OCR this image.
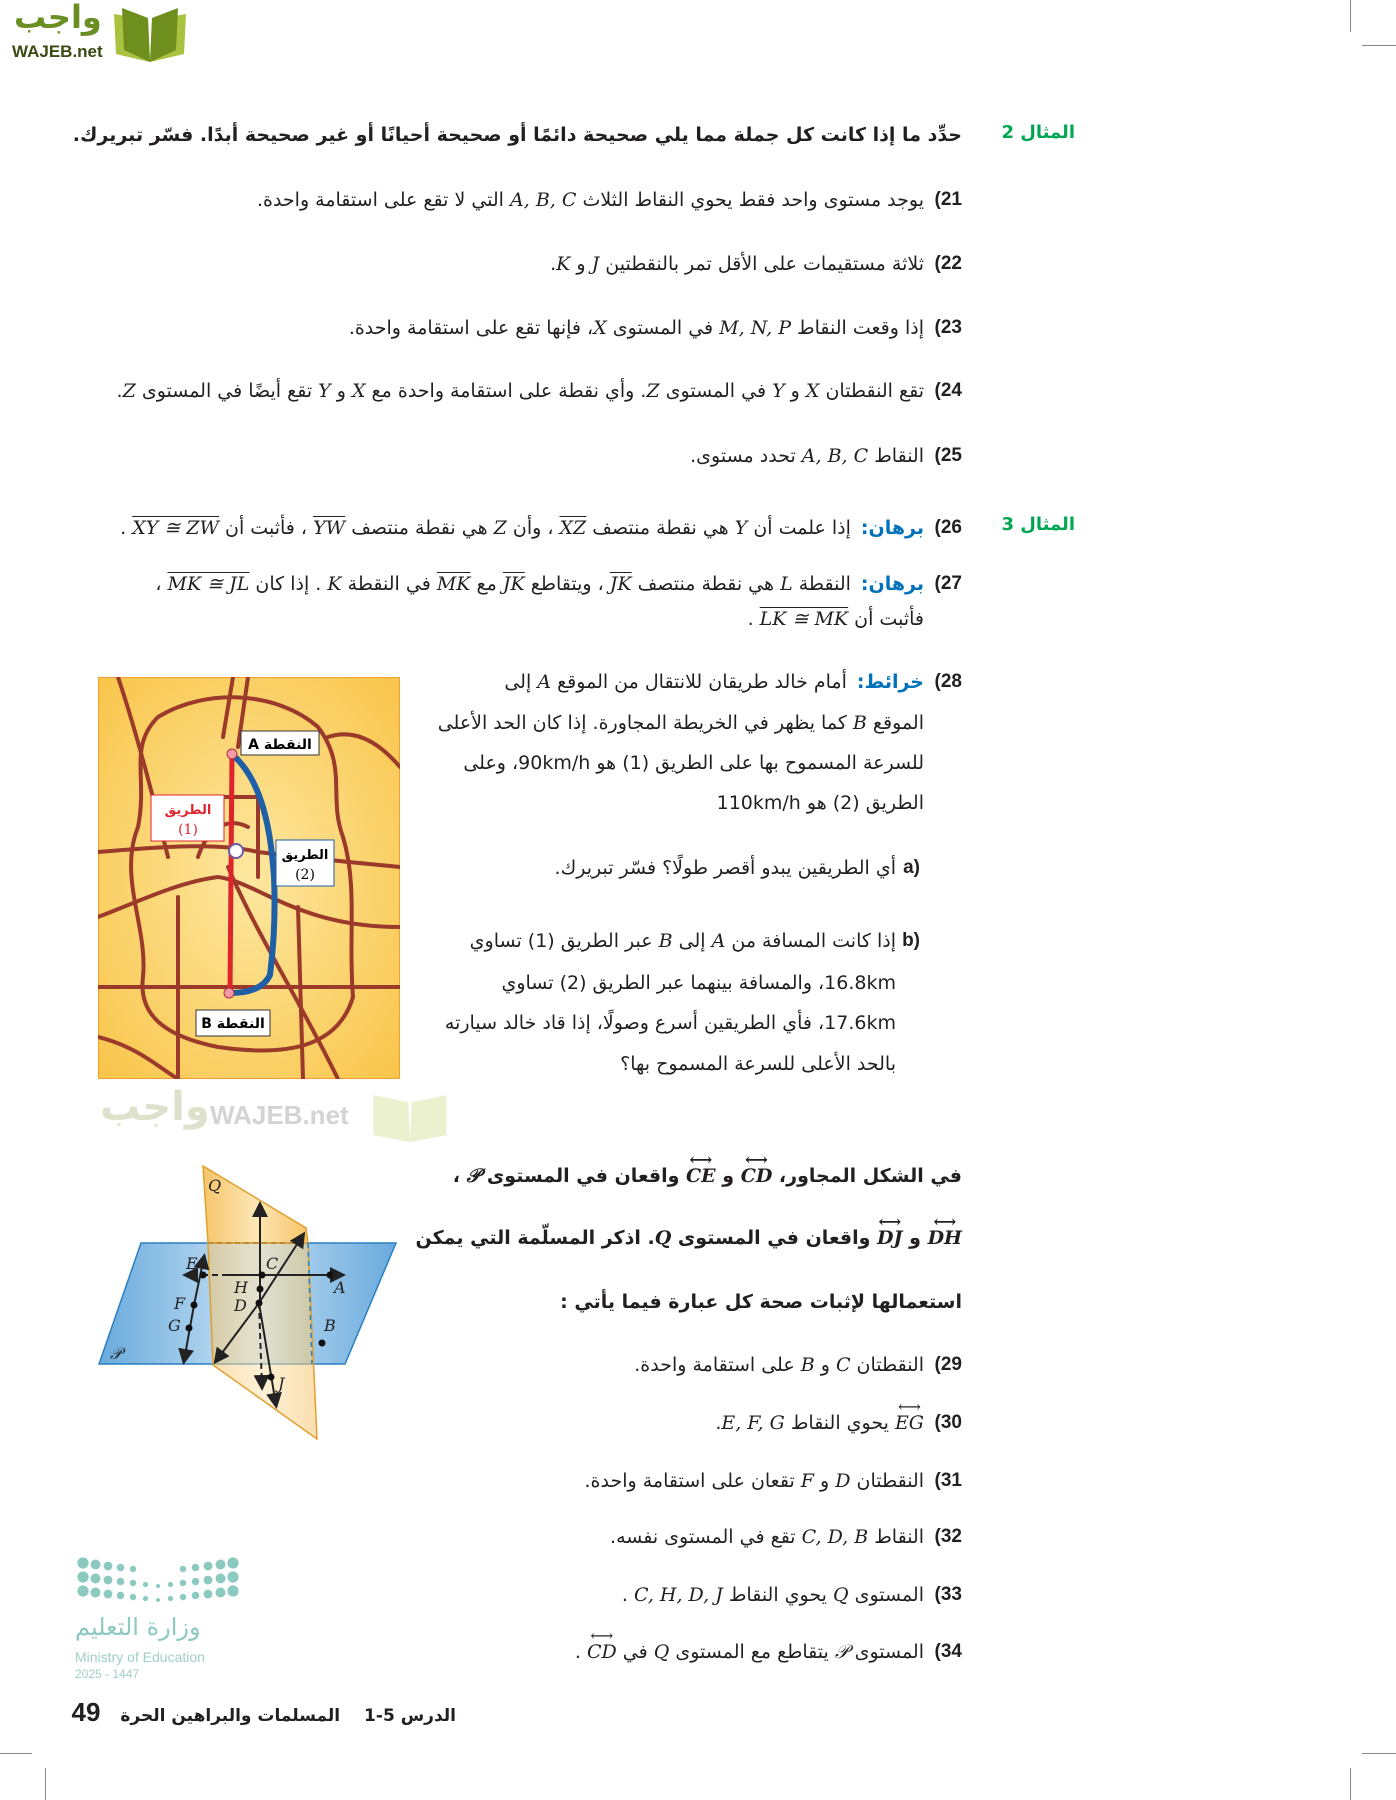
واجب
WAJEB.net
المثال 2
حدِّد ما إذا كانت كل جملة مما يلي صحيحة دائمًا أو صحيحة أحيانًا أو غير صحيحة أبدًا. فسّر تبريرك.
المثال 3
واجب WAJEB.net
النقطة A
الطريق
(1)
الطريق
(2)
النقطة B
Q
E	C
H
D
A
F
G	B
J
𝒫
وزارة التعليم
Ministry of Education
2025 - 1447
الدرس 5-1 المسلمات والبراهين الحرة 49
21)
يوجد مستوى واحد فقط يحوي النقاط الثلاث A, B, C التي لا تقع على استقامة واحدة.
22)
ثلاثة مستقيمات على الأقل تمر بالنقطتين J و K.
23)
إذا وقعت النقاط M, N, P في المستوى X، فإنها تقع على استقامة واحدة.
24)
تقع النقطتان X و Y في المستوى Z. وأي نقطة على استقامة واحدة مع X و Y تقع أيضًا في المستوى Z.
25)
النقاط A, B, C تحدد مستوى.
26)
برهان:إذا علمت أن Y هي نقطة منتصف $\overline{XZ}$ ، وأن Z هي نقطة منتصف $\overline{YW}$ ، فأثبت أن XY ≅ ZW .
27)
برهان:النقطة L هي نقطة منتصف $\overline{JK}$ ، ويتقاطع $\overline{JK}$ مع $\overline{MK}$ في النقطة K . إذا كان MK ≅ JL ،
فأثبت أن LK ≅ MK .
28)
خرائط:أمام خالد طريقان للانتقال من الموقع A إلى
الموقع B كما يظهر في الخريطة المجاورة. إذا كان الحد الأعلى
للسرعة المسموح بها على الطريق (1) هو 90km/h، وعلى
الطريق (2) هو 110km/h
a)
أي الطريقين يبدو أقصر طولًا؟ فسّر تبريرك.
b)
إذا كانت المسافة من A إلى B عبر الطريق (1) تساوي
16.8km، والمسافة بينهما عبر الطريق (2) تساوي
17.6km، فأي الطريقين أسرع وصولًا، إذا قاد خالد سيارته
بالحد الأعلى للسرعة المسموح بها؟
في الشكل المجاور، ⟷ CD و ⟷ CE واقعان في المستوى 𝒫 ،
⟷ DH و ⟷ DJ واقعان في المستوى Q. اذكر المسلّمة التي يمكن
استعمالها لإثبات صحة كل عبارة فيما يأتي :
29)
النقطتان C و B على استقامة واحدة.
30)
⟷ EG يحوي النقاط E, F, G.
31)
النقطتان D و F تقعان على استقامة واحدة.
32)
النقاط C, D, B تقع في المستوى نفسه.
33)
المستوى Q يحوي النقاط C, H, D, J .
34)
المستوى 𝒫 يتقاطع مع المستوى Q في ⟷ CD .
